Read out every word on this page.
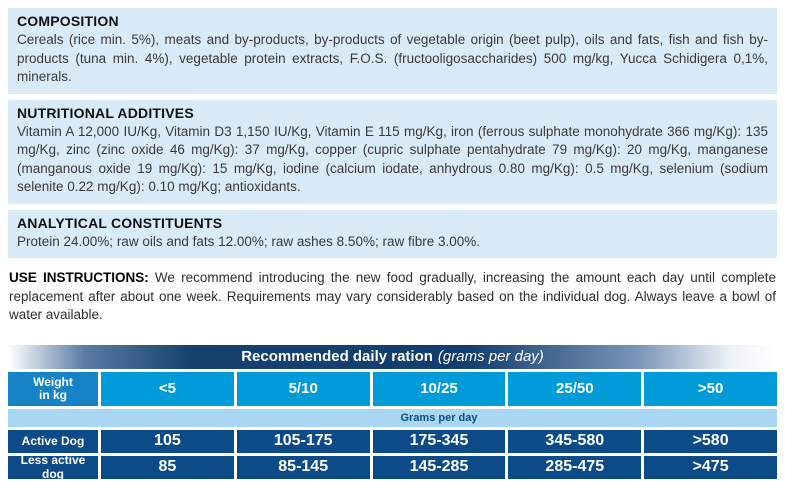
COMPOSITION

Cereals (rice min. 5%), meats and by-products, by-products of vegetable origin (beet pulp), oils and fats, fish and fish by-products (tuna min. 4%), vegetable protein extracts, F.O.S. (fructooligosaccharides) 500 mg/kg, Yucca Schidigera 0,1%, minerals.

NUTRITIONAL ADDITIVES

Vitamin A 12,000 IU/Kg, Vitamin D3 1,150 IU/Kg, Vitamin E 115 mg/Kg, iron (ferrous sulphate monohydrate 366 mg/Kg): 135 mg/Kg, zinc (zinc oxide 46 mg/Kg): 37 mg/Kg, copper (cupric sulphate pentahydrate 79 mg/Kg): 20 mg/Kg, manganese (manganous oxide 19 mg/Kg): 15 mg/Kg, iodine (calcium iodate, anhydrous 0.80 mg/Kg): 0.5 mg/Kg, selenium (sodium selenite 0.22 mg/Kg): 0.10 mg/Kg; antioxidants.

ANALYTICAL CONSTITUENTS

Protein 24.00%; raw oils and fats 12.00%; raw ashes 8.50%; raw fibre 3.00%.

USE INSTRUCTIONS: We recommend introducing the new food gradually, increasing the amount each day until complete replacement after about one week. Requirements may vary considerably based on the individual dog. Always leave a bowl of water available.

Recommended daily ration (grams per day)
Weight
in kg	<5	5/10	10/25	25/50	>50
Grams per day
Active Dog	105	105-175	175-345	345-580	>580
Less active dog	85	85-145	145-285	285-475	>475
